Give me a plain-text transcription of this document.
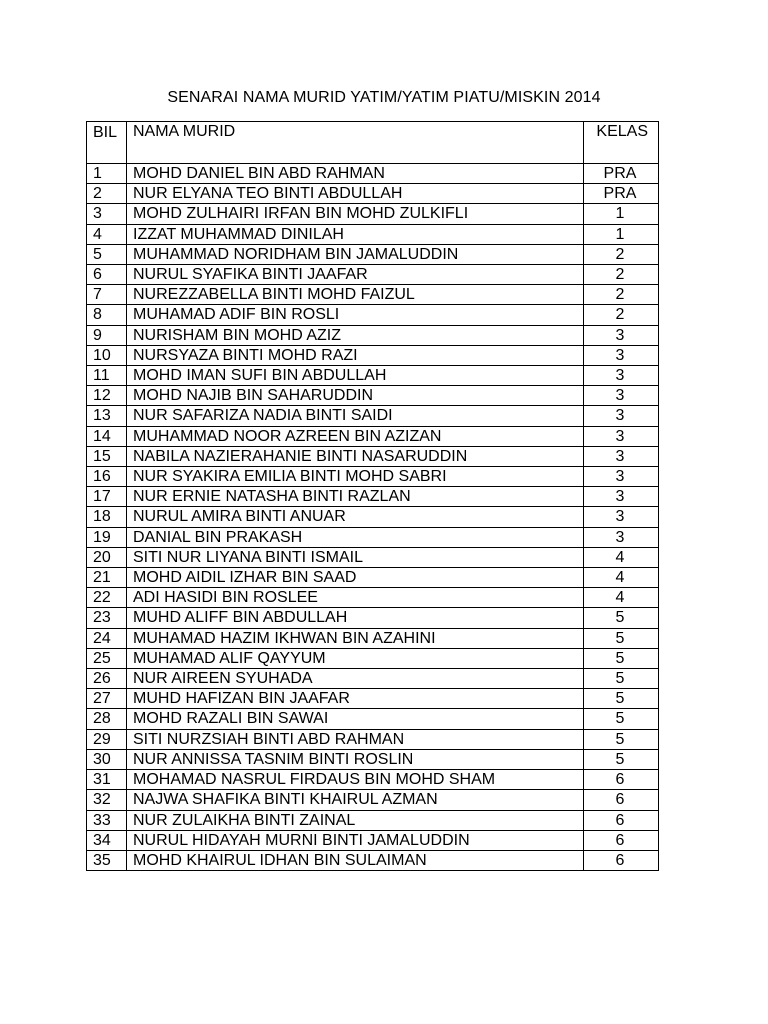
SENARAI NAMA MURID YATIM/YATIM PIATU/MISKIN 2014
BIL	NAMA MURID	KELAS
1	MOHD DANIEL BIN ABD RAHMAN	PRA
2	NUR ELYANA TEO BINTI ABDULLAH	PRA
3	MOHD ZULHAIRI IRFAN BIN MOHD ZULKIFLI	1
4	IZZAT MUHAMMAD DINILAH	1
5	MUHAMMAD NORIDHAM BIN JAMALUDDIN	2
6	NURUL SYAFIKA BINTI JAAFAR	2
7	NUREZZABELLA BINTI MOHD FAIZUL	2
8	MUHAMAD ADIF BIN ROSLI	2
9	NURISHAM BIN MOHD AZIZ	3
10	NURSYAZA BINTI MOHD RAZI	3
11	MOHD IMAN SUFI BIN ABDULLAH	3
12	MOHD NAJIB BIN SAHARUDDIN	3
13	NUR SAFARIZA NADIA BINTI SAIDI	3
14	MUHAMMAD NOOR AZREEN BIN AZIZAN	3
15	NABILA NAZIERAHANIE BINTI NASARUDDIN	3
16	NUR SYAKIRA EMILIA BINTI MOHD SABRI	3
17	NUR ERNIE NATASHA BINTI RAZLAN	3
18	NURUL AMIRA BINTI ANUAR	3
19	DANIAL BIN PRAKASH	3
20	SITI NUR LIYANA BINTI ISMAIL	4
21	MOHD AIDIL IZHAR BIN SAAD	4
22	ADI HASIDI BIN ROSLEE	4
23	MUHD ALIFF BIN ABDULLAH	5
24	MUHAMAD HAZIM IKHWAN BIN AZAHINI	5
25	MUHAMAD ALIF QAYYUM	5
26	NUR AIREEN SYUHADA	5
27	MUHD HAFIZAN BIN JAAFAR	5
28	MOHD RAZALI BIN SAWAI	5
29	SITI NURZSIAH BINTI ABD RAHMAN	5
30	NUR ANNISSA TASNIM BINTI ROSLIN	5
31	MOHAMAD NASRUL FIRDAUS BIN MOHD SHAM	6
32	NAJWA SHAFIKA BINTI KHAIRUL AZMAN	6
33	NUR ZULAIKHA BINTI ZAINAL	6
34	NURUL HIDAYAH MURNI BINTI JAMALUDDIN	6
35	MOHD KHAIRUL IDHAN BIN SULAIMAN	6
